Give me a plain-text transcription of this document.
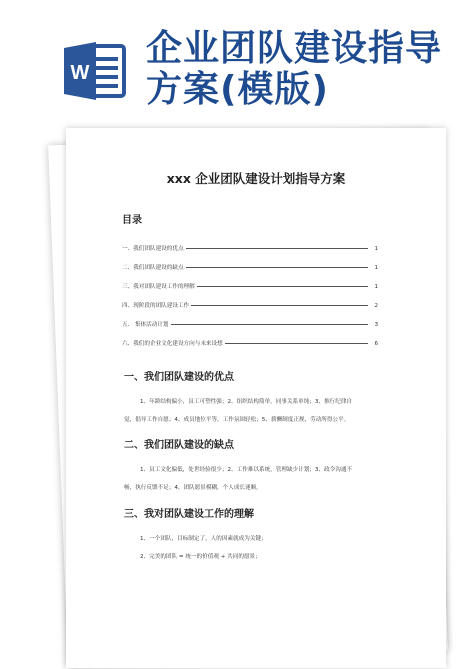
W
企业团队建设指导
方案(模版)
xxx 企业团队建设计划指导方案
目录
一、我们团队建设的优点	1
二、我们团队建设的缺点	1
三、我对团队建设工作的理解	1
四、现阶段的团队建设工作	2
五、 集体活动计划	3
六、我们的企业文化建设方向与未来设想	6
一、我们团队建设的优点
1、年龄结构偏小，员工可塑性强；2、组织结构简单，同事关系单纯；3、推行纪律自
觉，倡导工作自愿；4、成员地位平等，工作氛围轻松；5、薪酬制度正规，劳动所得公平。
二、我们团队建设的缺点
1、员工文化偏低，处世经验很少；2、工作难以系统，管理缺少计划；3、政令沟通不
畅，执行反馈不足；4、团队愿景模糊，个人成长迷顺。
三、我对团队建设工作的理解
1、一个团队，目标制定了，人的因素就成为关键；
2、完美的团队 = 统一的价值观 + 共同的愿景；
